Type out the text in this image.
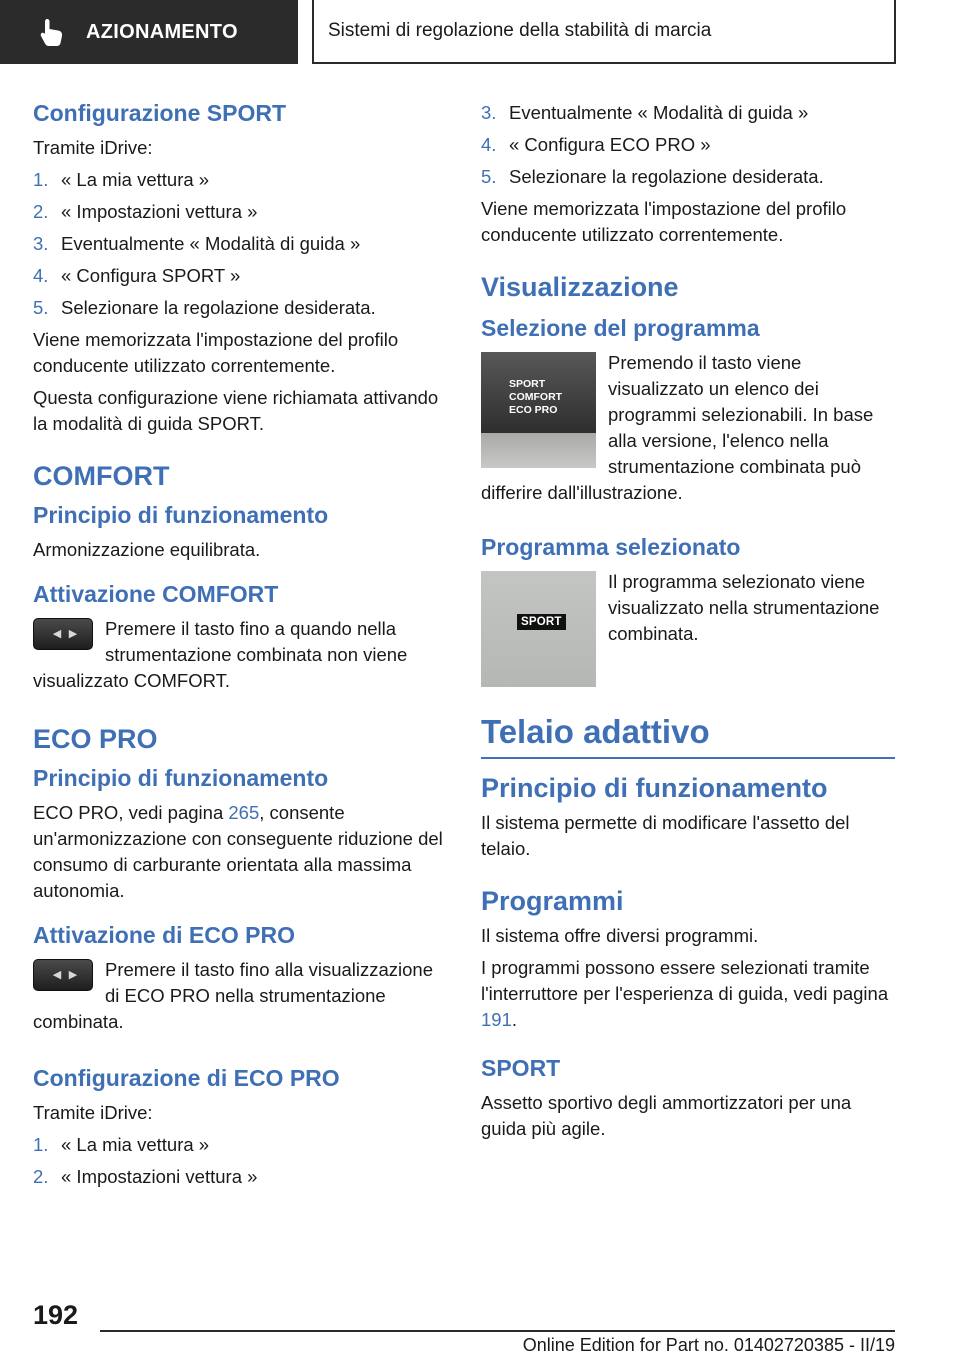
AZIONAMENTO	Sistemi di regolazione della stabilità di marcia
Configurazione SPORT
Tramite iDrive:
1. « La mia vettura »
2. « Impostazioni vettura »
3. Eventualmente « Modalità di guida »
4. « Configura SPORT »
5. Selezionare la regolazione desiderata.
Viene memorizzata l'impostazione del profilo conducente utilizzato correntemente.
Questa configurazione viene richiamata attivando la modalità di guida SPORT.
COMFORT
Principio di funzionamento
Armonizzazione equilibrata.
Attivazione COMFORT
◀ ▶	Premere il tasto fino a quando nella strumentazione combinata non viene visualizzato COMFORT.
ECO PRO
Principio di funzionamento
ECO PRO, vedi pagina 265, consente un'armonizzazione con conseguente riduzione del consumo di carburante orientata alla massima autonomia.
Attivazione di ECO PRO
◀ ▶	Premere il tasto fino alla visualizzazione di ECO PRO nella strumentazione combinata.
Configurazione di ECO PRO
Tramite iDrive:
1. « La mia vettura »
2. « Impostazioni vettura »
3. Eventualmente « Modalità di guida »
4. « Configura ECO PRO »
5. Selezionare la regolazione desiderata.
Viene memorizzata l'impostazione del profilo conducente utilizzato correntemente.
Visualizzazione
Selezione del programma
SPORT
COMFORT
ECO PRO
Premendo il tasto viene visualizzato un elenco dei programmi selezionabili. In base alla versione, l'elenco nella strumentazione combinata può differire dall'illustrazione.
Programma selezionato
SPORT
Il programma selezionato viene visualizzato nella strumentazione combinata.
Telaio adattivo
Principio di funzionamento
Il sistema permette di modificare l'assetto del telaio.
Programmi
Il sistema offre diversi programmi.
I programmi possono essere selezionati tramite l'interruttore per l'esperienza di guida, vedi pagina 191.
SPORT
Assetto sportivo degli ammortizzatori per una guida più agile.
192
Online Edition for Part no. 01402720385 - II/19
